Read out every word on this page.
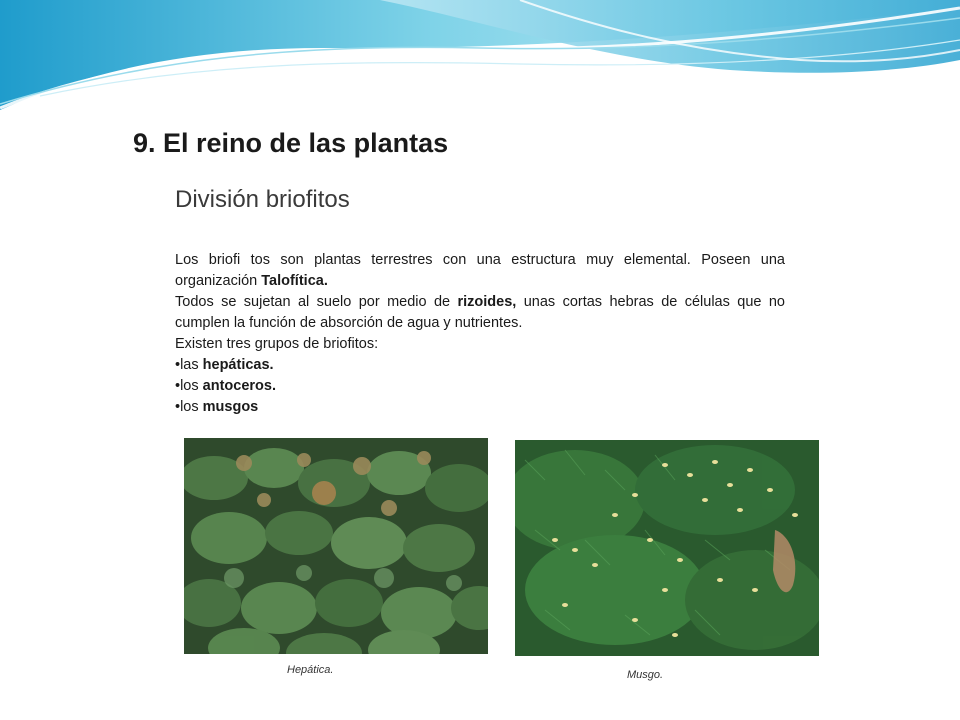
9. El reino de las plantas
División briofitos

Los briofi tos son plantas terrestres con una estructura muy elemental. Poseen una organización Talofítica.

Todos se sujetan al suelo por medio de rizoides, unas cortas hebras de células que no cumplen la función de absorción de agua y nutrientes.

Existen tres grupos de briofitos:

•las hepáticas.
•los antoceros.
•los musgos
Hepática.	Musgo.
